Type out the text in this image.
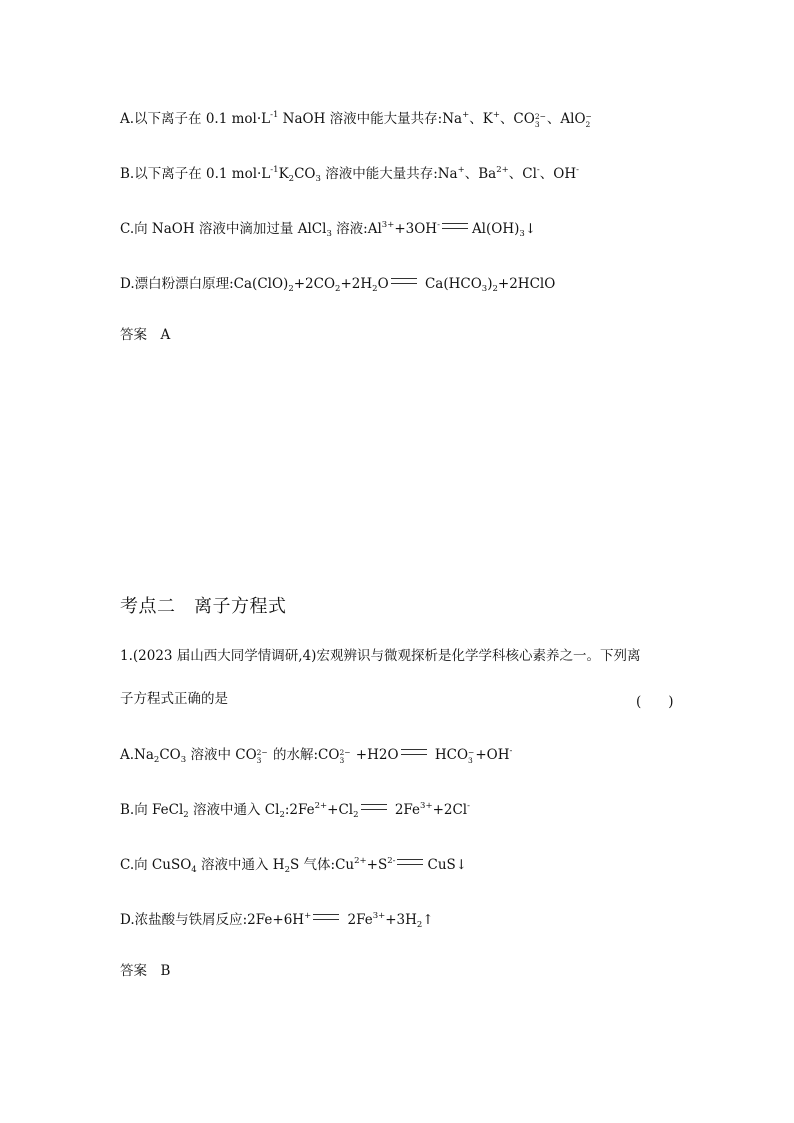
A.以下离子在 0.1 $mol\cdot L^{-1}$ NaOH 溶液中能大量共存:Na+、K+、CO 2−
3 、AlO −
2
B.以下离子在 0.1 $mol\cdot L^{-1}K_2CO_3$ 溶液中能大量共存:Na+、$Ba^{2+}$、Cl-、OH-
C.向 NaOH 溶液中滴加过量 AlCl$_3$ 溶液$:Al^{3+}+3OH^-$ $Al(OH)_3↓$
D.漂白粉漂白原理$:Ca(ClO)_2+2CO_2+2H_2O$ $Ca(HCO_3)_2+2HClO$
答案　A
考点二　离子方程式
1.(2023 届山西大同学情调研,4)宏观辨识与微观探析是化学学科核心素养之一。下列离
子方程式正确的是	(　　)
$A.Na_2CO_3$ 溶液中 CO 2−
3 的水解:CO 2−
3 +H2O HCO −
3 +OH-
B.向 FeCl$_2$ 溶液中通入 $Cl_2:2Fe^{2+}+Cl_2$ $2Fe^{3+}+2Cl^-$
C.向 CuSO$_4$ 溶液中通入 $H_2S$ 气体$:Cu^{2+}+S^{2-}$ CuS↓
D.浓盐酸与铁屑反应:2Fe+6H+ $2Fe^{3+}+3H_2↑$
答案　B
